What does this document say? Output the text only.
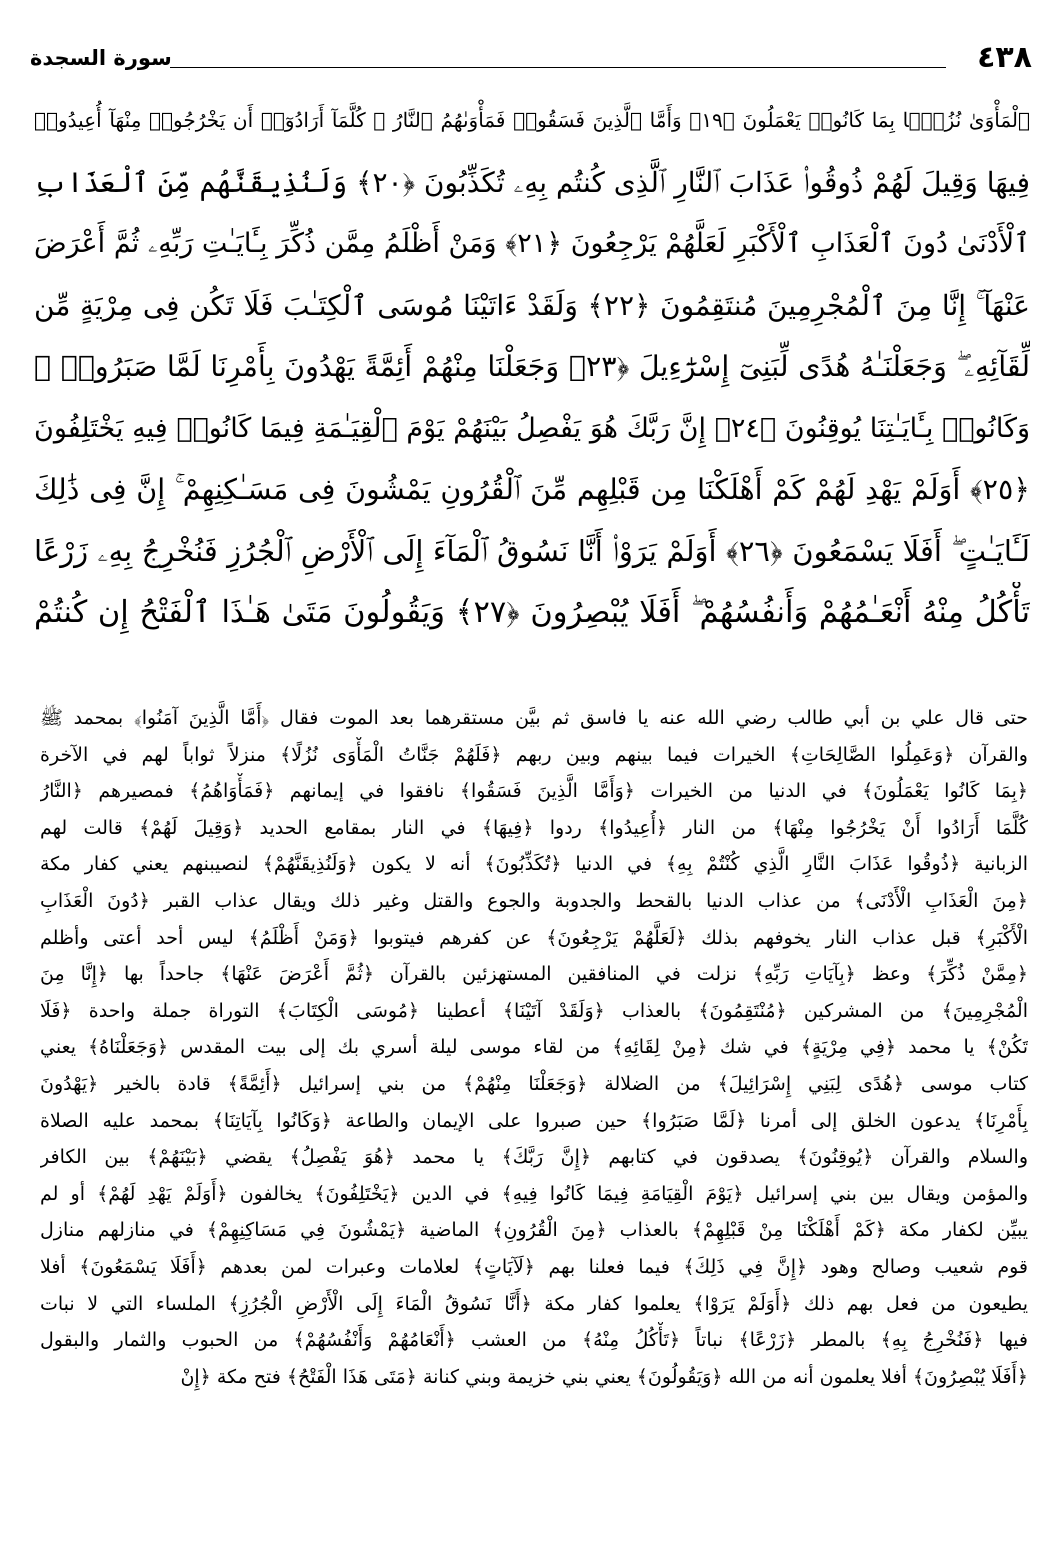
٤٣٨
سورة السجدة
ٱلْمَأْوَىٰ نُزُلًۢا بِمَا كَانُوا۟ يَعْمَلُونَ ﴿١٩﴾ وَأَمَّا ٱلَّذِينَ فَسَقُوا۟ فَمَأْوَىٰهُمُ ٱلنَّارُ ۖ كُلَّمَآ أَرَادُوٓا۟ أَن يَخْرُجُوا۟ مِنْهَآ أُعِيدُوا۟
فِيهَا وَقِيلَ لَهُمْ ذُوقُوا۟ عَذَابَ ٱلنَّارِ ٱلَّذِى كُنتُم بِهِۦ تُكَذِّبُونَ ﴿٢٠﴾ وَلَنُذِيقَنَّهُم مِّنَ ٱلْعَذَابِ
ٱلْأَدْنَىٰ دُونَ ٱلْعَذَابِ ٱلْأَكْبَرِ لَعَلَّهُمْ يَرْجِعُونَ ﴿٢١﴾ وَمَنْ أَظْلَمُ مِمَّن ذُكِّرَ بِـَٔايَـٰتِ رَبِّهِۦ ثُمَّ أَعْرَضَ
عَنْهَآ ۚ إِنَّا مِنَ ٱلْمُجْرِمِينَ مُنتَقِمُونَ ﴿٢٢﴾ وَلَقَدْ ءَاتَيْنَا مُوسَى ٱلْكِتَـٰبَ فَلَا تَكُن فِى مِرْيَةٍ مِّن
لِّقَآئِهِۦ ۖ وَجَعَلْنَـٰهُ هُدًى لِّبَنِىٓ إِسْرَٰٓءِيلَ ﴿٢٣﴾ وَجَعَلْنَا مِنْهُمْ أَئِمَّةً يَهْدُونَ بِأَمْرِنَا لَمَّا صَبَرُوا۟ ۖ
وَكَانُوا۟ بِـَٔايَـٰتِنَا يُوقِنُونَ ﴿٢٤﴾ إِنَّ رَبَّكَ هُوَ يَفْصِلُ بَيْنَهُمْ يَوْمَ ٱلْقِيَـٰمَةِ فِيمَا كَانُوا۟ فِيهِ يَخْتَلِفُونَ
﴿٢٥﴾ أَوَلَمْ يَهْدِ لَهُمْ كَمْ أَهْلَكْنَا مِن قَبْلِهِم مِّنَ ٱلْقُرُونِ يَمْشُونَ فِى مَسَـٰكِنِهِمْ ۚ إِنَّ فِى ذَٰلِكَ
لَـَٔايَـٰتٍ ۖ أَفَلَا يَسْمَعُونَ ﴿٢٦﴾ أَوَلَمْ يَرَوْا۟ أَنَّا نَسُوقُ ٱلْمَآءَ إِلَى ٱلْأَرْضِ ٱلْجُرُزِ فَنُخْرِجُ بِهِۦ زَرْعًا
تَأْكُلُ مِنْهُ أَنْعَـٰمُهُمْ وَأَنفُسُهُمْ ۖ أَفَلَا يُبْصِرُونَ ﴿٢٧﴾ وَيَقُولُونَ مَتَىٰ هَـٰذَا ٱلْفَتْحُ إِن كُنتُمْ
حتى قال علي بن أبي طالب رضي الله عنه يا فاسق ثم بيَّن مستقرهما بعد الموت فقال ﴿أَمَّا الَّذِينَ آمَنُوا﴾ بمحمد ﷺ
والقرآن ﴿وَعَمِلُوا الصَّالِحَاتِ﴾ الخيرات فيما بينهم وبين ربهم ﴿فَلَهُمْ جَنَّاتُ الْمَأْوَى نُزُلًا﴾ منزلاً ثواباً لهم في الآخرة
﴿بِمَا كَانُوا يَعْمَلُونَ﴾ في الدنيا من الخيرات ﴿وَأَمَّا الَّذِينَ فَسَقُوا﴾ نافقوا في إيمانهم ﴿فَمَأْوَاهُمُ﴾ فمصيرهم ﴿النَّارُ
كُلَّمَا أَرَادُوا أَنْ يَخْرُجُوا مِنْهَا﴾ من النار ﴿أُعِيدُوا﴾ ردوا ﴿فِيهَا﴾ في النار بمقامع الحديد ﴿وَقِيلَ لَهُمْ﴾ قالت لهم
الزبانية ﴿ذُوقُوا عَذَابَ النَّارِ الَّذِي كُنْتُمْ بِهِ﴾ في الدنيا ﴿تُكَذِّبُونَ﴾ أنه لا يكون ﴿وَلَنُذِيقَنَّهُمْ﴾ لنصيبنهم يعني كفار مكة
﴿مِنَ الْعَذَابِ الْأَدْنَى﴾ من عذاب الدنيا بالقحط والجدوبة والجوع والقتل وغير ذلك ويقال عذاب القبر ﴿دُونَ الْعَذَابِ
الْأَكْبَرِ﴾ قبل عذاب النار يخوفهم بذلك ﴿لَعَلَّهُمْ يَرْجِعُونَ﴾ عن كفرهم فيتوبوا ﴿وَمَنْ أَظْلَمُ﴾ ليس أحد أعتى وأظلم
﴿مِمَّنْ ذُكِّرَ﴾ وعظ ﴿بِآيَاتِ رَبِّهِ﴾ نزلت في المنافقين المستهزئين بالقرآن ﴿ثُمَّ أَعْرَضَ عَنْهَا﴾ جاحداً بها ﴿إِنَّا مِنَ
الْمُجْرِمِينَ﴾ من المشركين ﴿مُنْتَقِمُونَ﴾ بالعذاب ﴿وَلَقَدْ آتَيْنَا﴾ أعطينا ﴿مُوسَى الْكِتَابَ﴾ التوراة جملة واحدة ﴿فَلَا
تَكُنْ﴾ يا محمد ﴿فِي مِرْيَةٍ﴾ في شك ﴿مِنْ لِقَائِهِ﴾ من لقاء موسى ليلة أسري بك إلى بيت المقدس ﴿وَجَعَلْنَاهُ﴾ يعني
كتاب موسى ﴿هُدًى لِبَنِي إِسْرَائِيلَ﴾ من الضلالة ﴿وَجَعَلْنَا مِنْهُمْ﴾ من بني إسرائيل ﴿أَئِمَّةً﴾ قادة بالخير ﴿يَهْدُونَ
بِأَمْرِنَا﴾ يدعون الخلق إلى أمرنا ﴿لَمَّا صَبَرُوا﴾ حين صبروا على الإيمان والطاعة ﴿وَكَانُوا بِآيَاتِنَا﴾ بمحمد عليه الصلاة
والسلام والقرآن ﴿يُوقِنُونَ﴾ يصدقون في كتابهم ﴿إِنَّ رَبَّكَ﴾ يا محمد ﴿هُوَ يَفْصِلُ﴾ يقضي ﴿بَيْنَهُمْ﴾ بين الكافر
والمؤمن ويقال بين بني إسرائيل ﴿يَوْمَ الْقِيَامَةِ فِيمَا كَانُوا فِيهِ﴾ في الدين ﴿يَخْتَلِفُونَ﴾ يخالفون ﴿أَوَلَمْ يَهْدِ لَهُمْ﴾ أو لم
يبيِّن لكفار مكة ﴿كَمْ أَهْلَكْنَا مِنْ قَبْلِهِمْ﴾ بالعذاب ﴿مِنَ الْقُرُونِ﴾ الماضية ﴿يَمْشُونَ فِي مَسَاكِنِهِمْ﴾ في منازلهم منازل
قوم شعيب وصالح وهود ﴿إِنَّ فِي ذَلِكَ﴾ فيما فعلنا بهم ﴿لَآيَاتٍ﴾ لعلامات وعبرات لمن بعدهم ﴿أَفَلَا يَسْمَعُونَ﴾ أفلا
يطيعون من فعل بهم ذلك ﴿أَوَلَمْ يَرَوْا﴾ يعلموا كفار مكة ﴿أَنَّا نَسُوقُ الْمَاءَ إِلَى الْأَرْضِ الْجُرُزِ﴾ الملساء التي لا نبات
فيها ﴿فَنُخْرِجُ بِهِ﴾ بالمطر ﴿زَرْعًا﴾ نباتاً ﴿تَأْكُلُ مِنْهُ﴾ من العشب ﴿أَنْعَامُهُمْ وَأَنْفُسُهُمْ﴾ من الحبوب والثمار والبقول
﴿أَفَلَا يُبْصِرُونَ﴾ أفلا يعلمون أنه من الله ﴿وَيَقُولُونَ﴾ يعني بني خزيمة وبني كنانة ﴿مَتَى هَذَا الْفَتْحُ﴾ فتح مكة ﴿إِنْ
